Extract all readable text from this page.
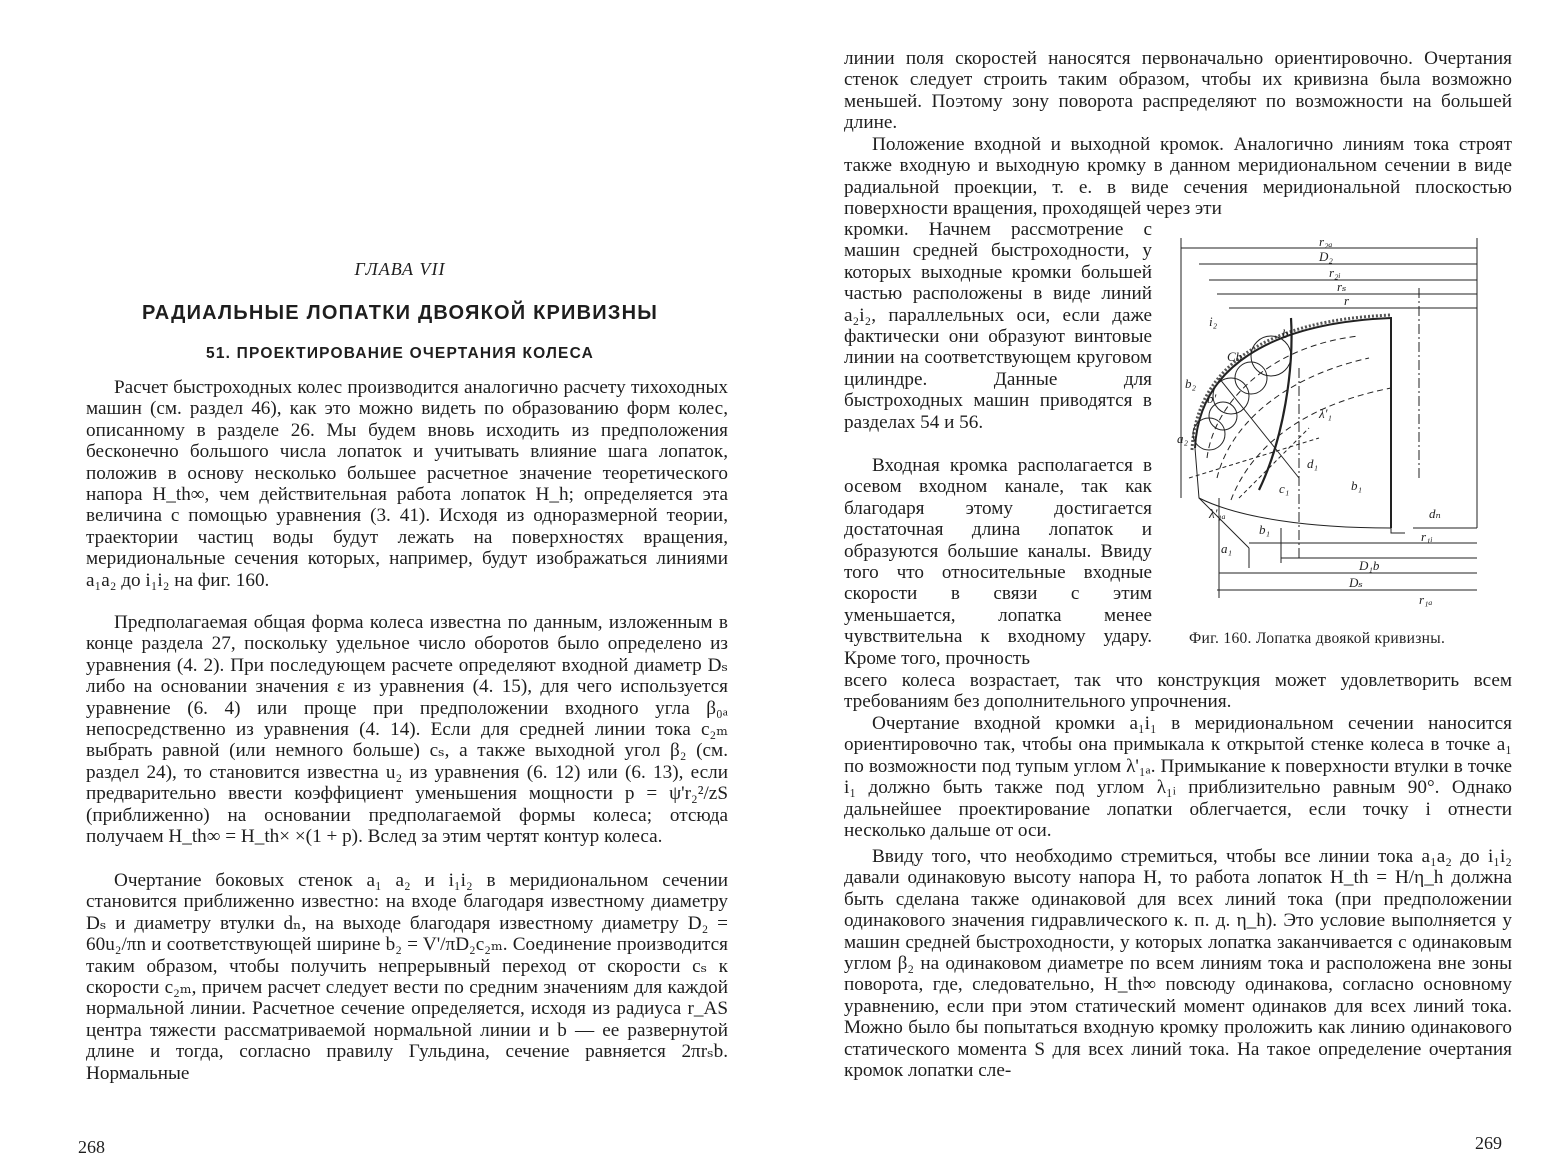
ГЛАВА VII
РАДИАЛЬНЫЕ ЛОПАТКИ ДВОЯКОЙ КРИВИЗНЫ
51. ПРОЕКТИРОВАНИЕ ОЧЕРТАНИЯ КОЛЕСА

Расчет быстроходных колес производится аналогично расчету тихоходных машин (см. раздел 46), как это можно видеть по образованию форм колес, описанному в разделе 26. Мы будем вновь исходить из предположения бесконечно большого числа лопаток и учитывать влияние шага лопаток, положив в основу несколько большее расчетное значение теоретического напора H_th∞, чем действительная работа лопаток H_h; определяется эта величина с помощью уравнения (3. 41). Исходя из одноразмерной теории, траектории частиц воды будут лежать на поверхностях вращения, меридиональные сечения которых, например, будут изображаться линиями a₁a₂ до i₁i₂ на фиг. 160.

Предполагаемая общая форма колеса известна по данным, изложенным в конце раздела 27, поскольку удельное число оборотов было определено из уравнения (4. 2). При последующем расчете определяют входной диаметр Dₛ либо на основании значения ε из уравнения (4. 15), для чего используется уравнение (6. 4) или проще при предположении входного угла β₀ₐ непосредственно из уравнения (4. 14). Если для средней линии тока c₂ₘ выбрать равной (или немного больше) cₛ, а также выходной угол β₂ (см. раздел 24), то становится известна u₂ из уравнения (6. 12) или (6. 13), если предварительно ввести коэффициент уменьшения мощности p = ψ'r₂²/zS (приближенно) на основании предполагаемой формы колеса; отсюда получаем H_th∞ = H_th× ×(1 + p). Вслед за этим чертят контур колеса.

Очертание боковых стенок a₁ a₂ и i₁i₂ в меридиональном сечении становится приближенно известно: на входе благодаря известному диаметру Dₛ и диаметру втулки dₙ, на выходе благодаря известному диаметру D₂ = 60u₂/πn и соответствующей ширине b₂ = V'/πD₂c₂ₘ. Соединение производится таким образом, чтобы получить непрерывный переход от скорости cₛ к скорости c₂ₘ, причем расчет следует вести по средним значениям для каждой нормальной линии. Расчетное сечение определяется, исходя из радиуса r_AS центра тяжести рассматриваемой нормальной линии и b — ее развернутой длине и тогда, согласно правилу Гульдина, сечение равняется 2πrₛb. Нормальные

268

линии поля скоростей наносятся первоначально ориентировочно. Очертания стенок следует строить таким образом, чтобы их кривизна была возможно меньшей. Поэтому зону поворота распределяют по возможности на большей длине.

Положение входной и выходной кромок. Аналогично линиям тока строят также входную и выходную кромку в данном меридиональном сечении в виде радиальной проекции, т. е. в виде сечения меридиональной плоскостью поверхности вращения, проходящей через эти

кромки. Начнем рассмотрение с машин средней быстроходности, у которых выходные кромки большей частью расположены в виде линий a₂i₂, параллельных оси, если даже фактически они образуют винтовые линии на соответствующем круговом цилиндре. Данные для быстроходных машин приводятся в разделах 54 и 56.

Входная кромка располагается в осевом входном канале, так как благодаря этому достигается достаточная длина лопаток и образуются большие каналы. Ввиду того что относительные входные скорости в связи с этим уменьшается, лопатка менее чувствительна к входному удару. Кроме того, прочность

всего колеса возрастает, так что конструкция может удовлетворить всем требованиям без дополнительного упрочнения.

Очертание входной кромки a₁i₁ в меридиональном сечении наносится ориентировочно так, чтобы она примыкала к открытой стенке колеса в точке a₁ по возможности под тупым углом λ'₁ₐ. Примыкание к поверхности втулки в точке i₁ должно быть также под углом λ₁ᵢ приблизительно равным 90°. Однако дальнейшее проектирование лопатки облегчается, если точку i отнести несколько дальше от оси.

Ввиду того, что необходимо стремиться, чтобы все линии тока a₁a₂ до i₁i₂ давали одинаковую высоту напора H, то работа лопаток H_th = H/η_h должна быть сделана также одинаковой для всех линий тока (при предположении одинакового значения гидравлического к. п. д. η_h). Это условие выполняется у машин средней быстроходности, у которых лопатка заканчивается с одинаковым углом β₂ на одинаковом диаметре по всем линиям тока и расположена вне зоны поворота, где, следовательно, H_th∞ повсюду одинакова, согласно основному уравнению, если при этом статический момент одинаков для всех линий тока. Можно было бы попытаться входную кромку проложить как линию одинакового статического момента S для всех линий тока. На такое определение очертания кромок лопатки сле-

r₂ₐ
D₂
r₂ᵢ
rₛ
r
i₂
b₂
a₂
b
Cb
b'
d₁
λ'₁
c₁	b₁
λ'₁ₐ
b₁
a₁
dₙ
r₁ᵢ
D₁b
Dₛ
r₁ₐ
Фиг. 160. Лопатка двоякой кривизны.
269
